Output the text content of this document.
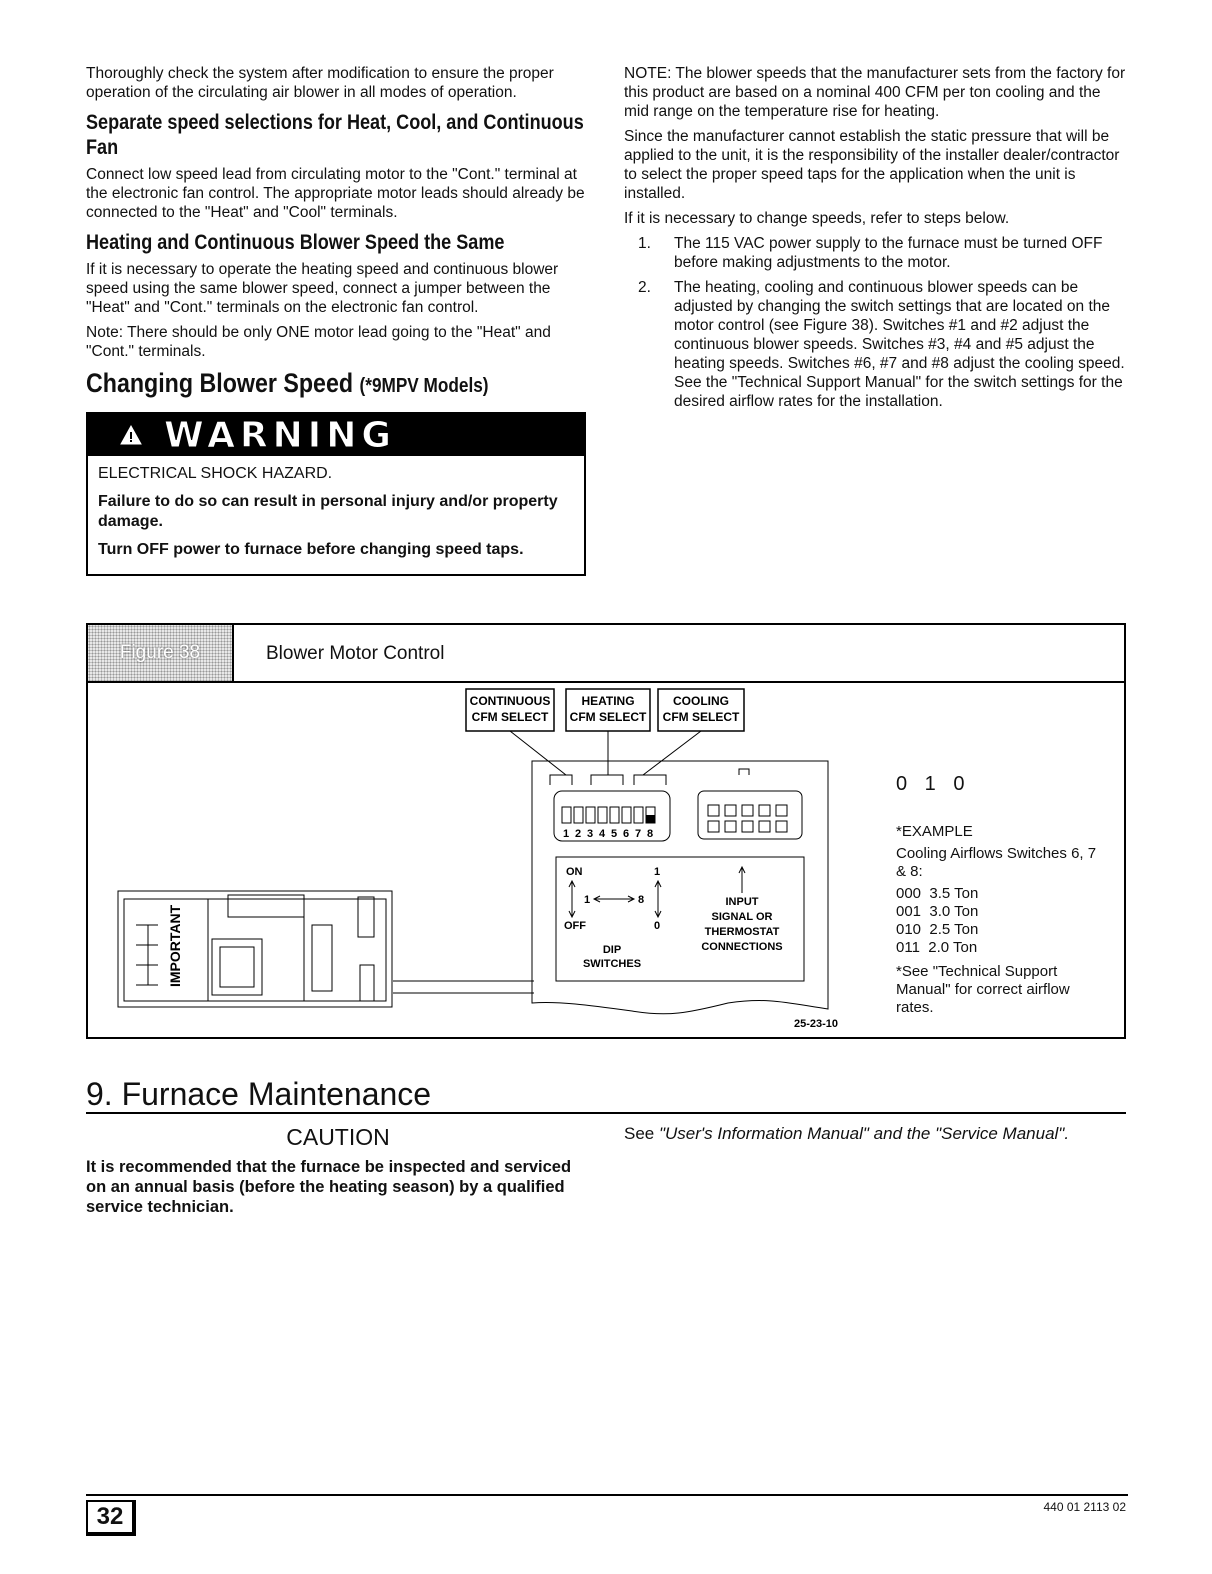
Thoroughly check the system after modification to ensure the proper operation of the circulating air blower in all modes of operation.

Separate speed selections for Heat, Cool, and Continuous Fan

Connect low speed lead from circulating motor to the "Cont." terminal at the electronic fan control. The appropriate motor leads should already be connected to the "Heat" and "Cool" terminals.

Heating and Continuous Blower Speed the Same

If it is necessary to operate the heating speed and continuous blower speed using the same blower speed, connect a jumper between the "Heat" and "Cont." terminals on the electronic fan control.

Note: There should be only ONE motor lead going to the "Heat" and "Cont." terminals.

Changing Blower Speed (*9MPV Models)
WARNING

ELECTRICAL SHOCK HAZARD.

Failure to do so can result in personal injury and/or property damage.

Turn OFF power to furnace before changing speed taps.

NOTE: The blower speeds that the manufacturer sets from the factory for this product are based on a nominal 400 CFM per ton cooling and the mid range on the temperature rise for heating.

Since the manufacturer cannot establish the static pressure that will be applied to the unit, it is the responsibility of the installer dealer/contractor to select the proper speed taps for the application when the unit is installed.

If it is necessary to change speeds, refer to steps below.

1.	The 115 VAC power supply to the furnace must be turned OFF before making adjustments to the motor.
2.	The heating, cooling and continuous blower speeds can be adjusted by changing the switch settings that are located on the motor control (see Figure 38). Switches #1 and #2 adjust the continuous blower speeds. Switches #3, #4 and #5 adjust the heating speeds. Switches #6, #7 and #8 adjust the cooling speed. See the "Technical Support Manual" for the switch settings for the desired airflow rates for the installation.
Figure 38	Blower Motor Control
CONTINUOUS
CFM SELECT
HEATING
CFM SELECT
COOLING
CFM SELECT
1 2 3 4 5 6 7 8
ON
OFF
1
0
1	8
DIP
SWITCHES
INPUT
SIGNAL OR
THERMOSTAT
CONNECTIONS
IMPORTANT
25-23-10
0 1 0

*EXAMPLE

Cooling Airflows Switches 6, 7 & 8:

000 3.5 Ton
001 3.0 Ton
010 2.5 Ton
011 2.0 Ton

*See "Technical Support Manual" for correct airflow rates.

9. Furnace Maintenance
CAUTION
It is recommended that the furnace be inspected and serviced on an annual basis (before the heating season) by a qualified service technician.
See "User's Information Manual" and the "Service Manual".
32	440 01 2113 02
